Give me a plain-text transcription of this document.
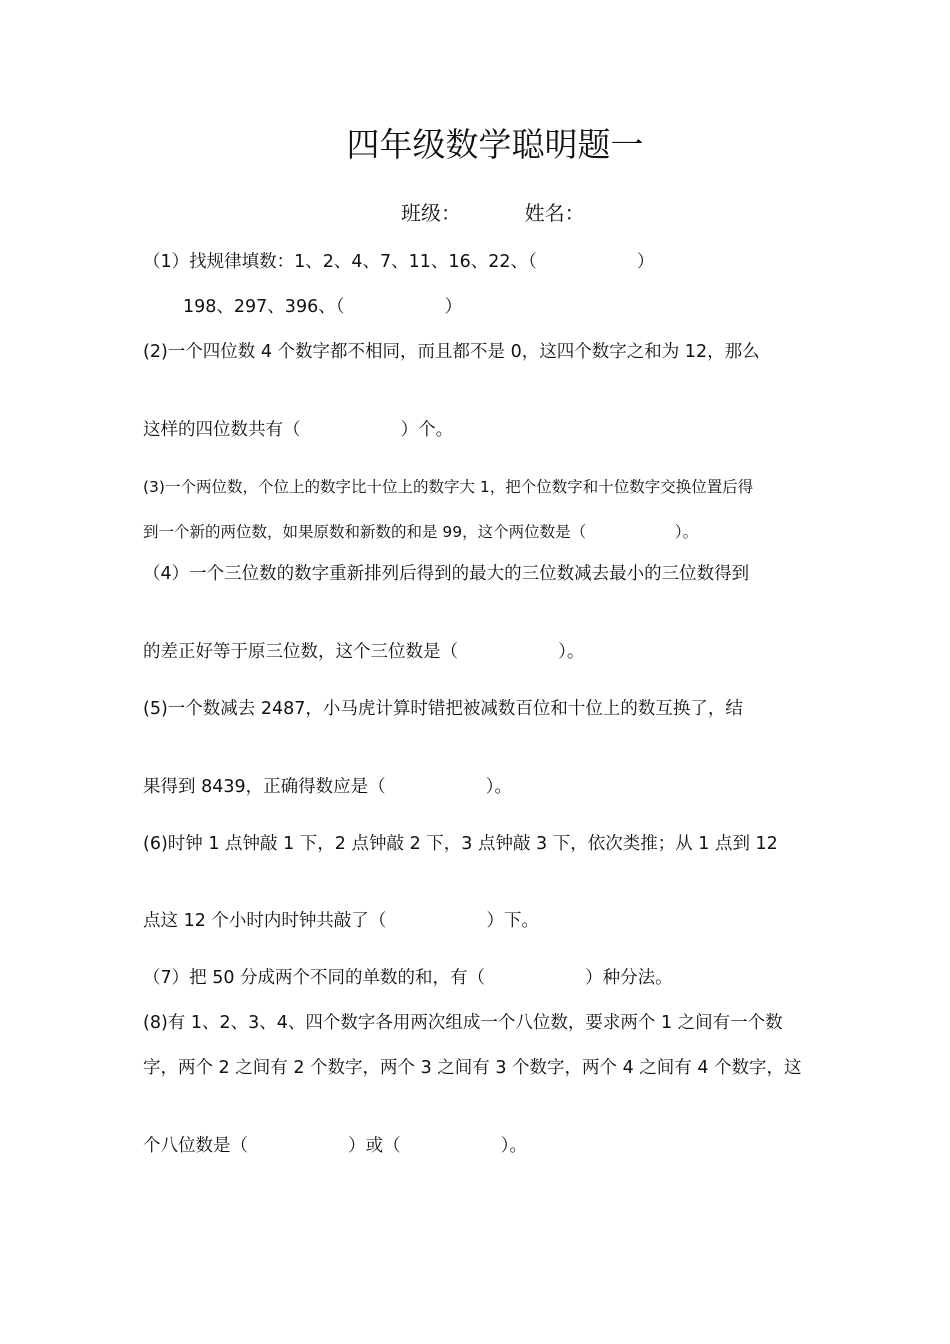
四年级数学聪明题一
班级：          姓名：
（1）找规律填数：1、2、4、7、11、16、22、（                  ）
198、297、396、（                  ）
(2)一个四位数 4 个数字都不相同，而且都不是 0，这四个数字之和为 12，那么
这样的四位数共有（                  ）个。
(3)一个两位数，个位上的数字比十位上的数字大 1，把个位数字和十位数字交换位置后得
到一个新的两位数，如果原数和新数的和是 99，这个两位数是（                  ）。
（4）一个三位数的数字重新排列后得到的最大的三位数减去最小的三位数得到
的差正好等于原三位数，这个三位数是（                  ）。
(5)一个数减去 2487，小马虎计算时错把被减数百位和十位上的数互换了，结
果得到 8439，正确得数应是（                  ）。
(6)时钟 1 点钟敲 1 下，2 点钟敲 2 下，3 点钟敲 3 下，依次类推；从 1 点到 12
点这 12 个小时内时钟共敲了（                  ）下。
（7）把 50 分成两个不同的单数的和，有（                  ）种分法。
(8)有 1、2、3、4、四个数字各用两次组成一个八位数，要求两个 1 之间有一个数
字，两个 2 之间有 2 个数字，两个 3 之间有 3 个数字，两个 4 之间有 4 个数字，这
个八位数是（                  ）或（                  ）。
